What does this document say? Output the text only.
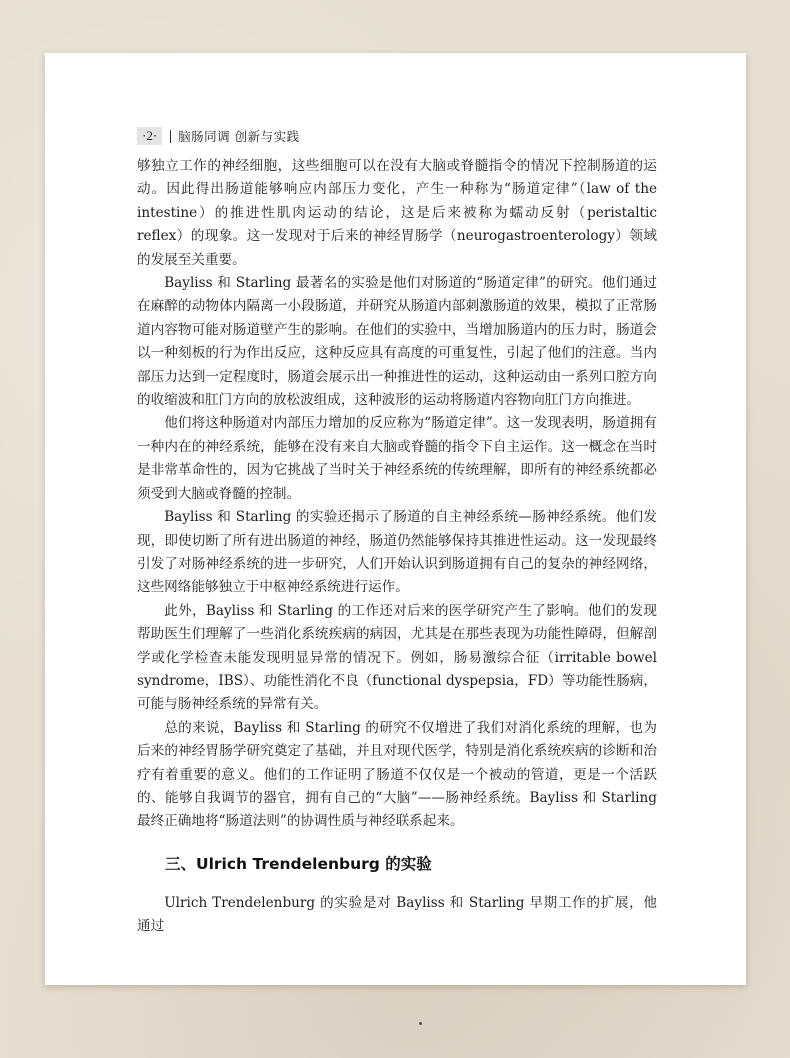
·2·	脑肠同调 创新与实践

够独立工作的神经细胞，这些细胞可以在没有大脑或脊髓指令的情况下控制肠道的运动。因此得出肠道能够响应内部压力变化，产生一种称为“肠道定律”（law of the intestine）的推进性肌肉运动的结论，这是后来被称为蠕动反射（peristaltic reflex）的现象。这一发现对于后来的神经胃肠学（neurogastroenterology）领域的发展至关重要。

Bayliss 和 Starling 最著名的实验是他们对肠道的“肠道定律”的研究。他们通过在麻醉的动物体内隔离一小段肠道，并研究从肠道内部刺激肠道的效果，模拟了正常肠道内容物可能对肠道壁产生的影响。在他们的实验中，当增加肠道内的压力时，肠道会以一种刻板的行为作出反应，这种反应具有高度的可重复性，引起了他们的注意。当内部压力达到一定程度时，肠道会展示出一种推进性的运动，这种运动由一系列口腔方向的收缩波和肛门方向的放松波组成，这种波形的运动将肠道内容物向肛门方向推进。

他们将这种肠道对内部压力增加的反应称为“肠道定律”。这一发现表明，肠道拥有一种内在的神经系统，能够在没有来自大脑或脊髓的指令下自主运作。这一概念在当时是非常革命性的，因为它挑战了当时关于神经系统的传统理解，即所有的神经系统都必须受到大脑或脊髓的控制。

Bayliss 和 Starling 的实验还揭示了肠道的自主神经系统—肠神经系统。他们发现，即使切断了所有进出肠道的神经，肠道仍然能够保持其推进性运动。这一发现最终引发了对肠神经系统的进一步研究，人们开始认识到肠道拥有自己的复杂的神经网络，这些网络能够独立于中枢神经系统进行运作。

此外，Bayliss 和 Starling 的工作还对后来的医学研究产生了影响。他们的发现帮助医生们理解了一些消化系统疾病的病因，尤其是在那些表现为功能性障碍，但解剖学或化学检查未能发现明显异常的情况下。例如，肠易激综合征（irritable bowel syndrome，IBS）、功能性消化不良（functional dyspepsia，FD）等功能性肠病，可能与肠神经系统的异常有关。

总的来说，Bayliss 和 Starling 的研究不仅增进了我们对消化系统的理解，也为后来的神经胃肠学研究奠定了基础，并且对现代医学，特别是消化系统疾病的诊断和治疗有着重要的意义。他们的工作证明了肠道不仅仅是一个被动的管道，更是一个活跃的、能够自我调节的器官，拥有自己的“大脑”——肠神经系统。Bayliss 和 Starling 最终正确地将“肠道法则”的协调性质与神经联系起来。

三、Ulrich Trendelenburg 的实验

Ulrich Trendelenburg 的实验是对 Bayliss 和 Starling 早期工作的扩展，他通过
